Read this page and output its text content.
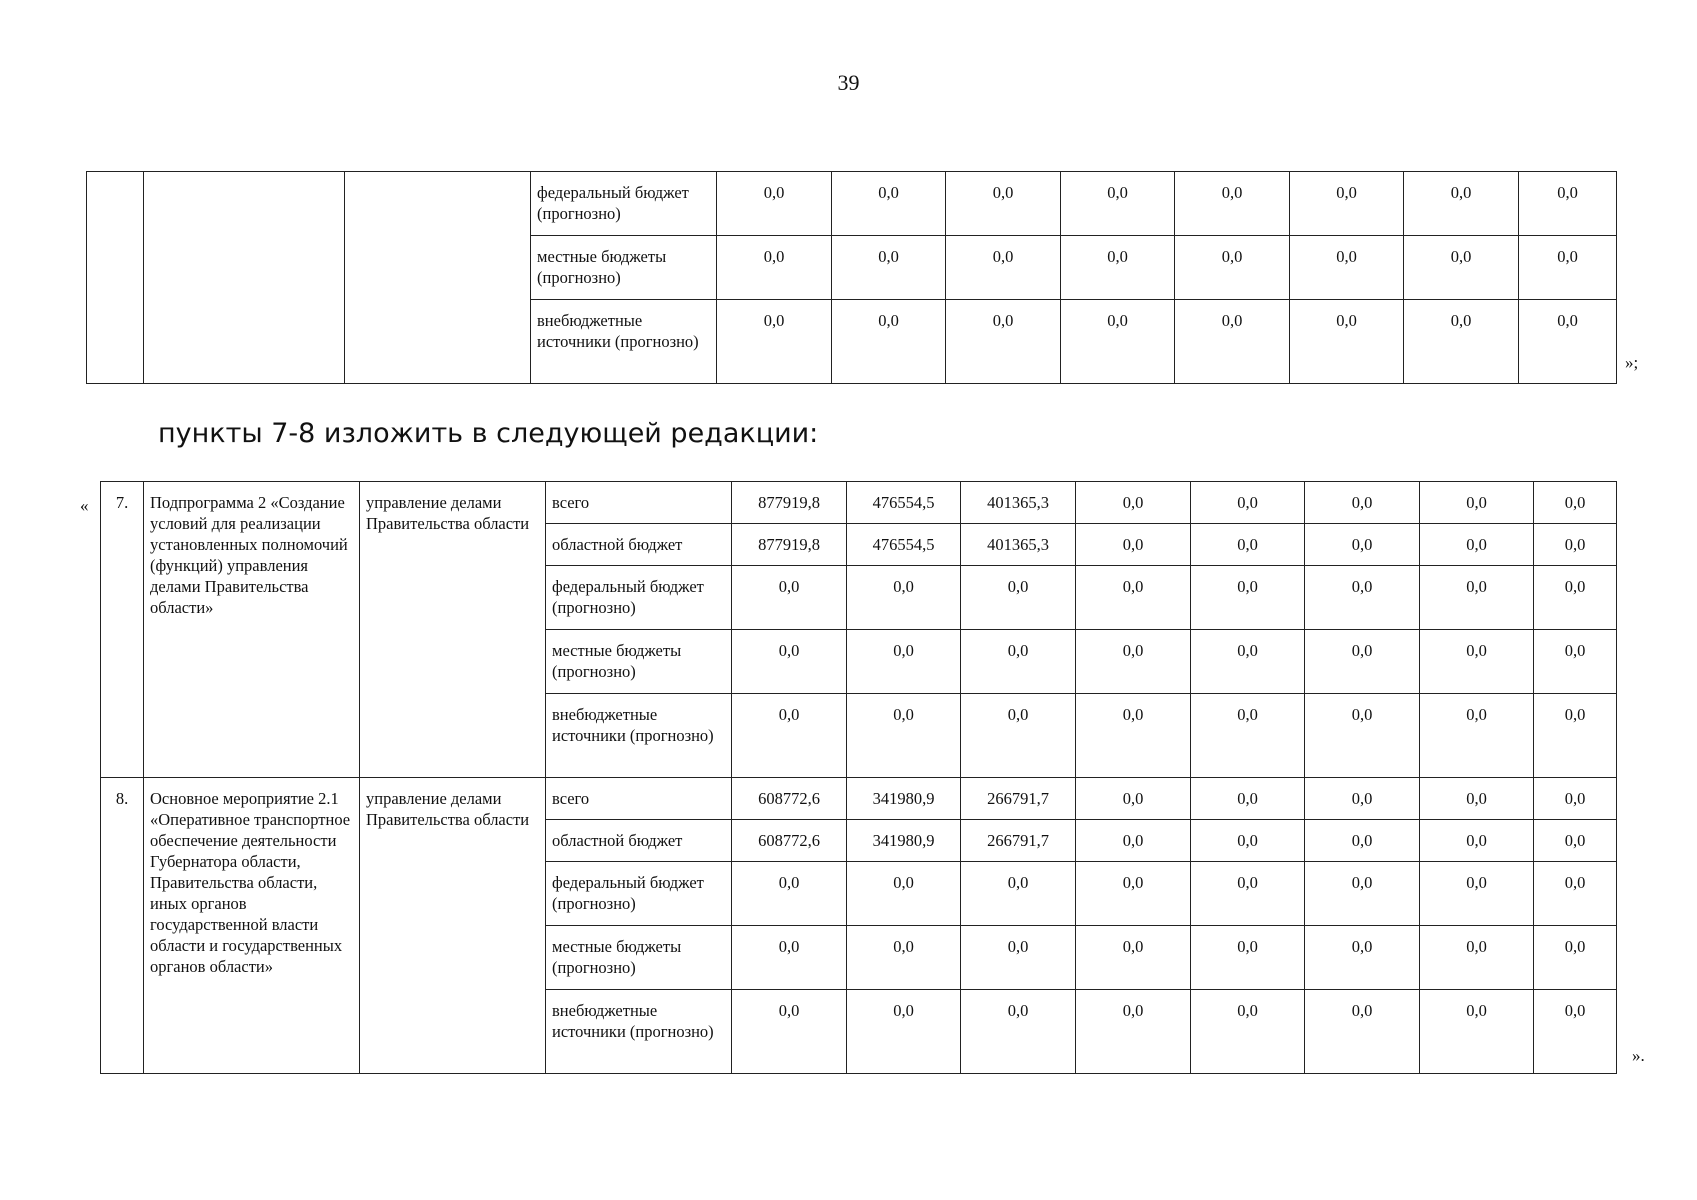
39
			федеральный бюджет (прогнозно)	0,0	0,0	0,0	0,0	0,0	0,0	0,0	0,0
			местные бюджеты (прогнозно)	0,0	0,0	0,0	0,0	0,0	0,0	0,0	0,0
			внебюджетные источники (прогнозно)	0,0	0,0	0,0	0,0	0,0	0,0	0,0	0,0
»;
пункты 7-8 изложить в следующей редакции:
« 7.	Подпрограмма 2 «Создание условий для реализации установленных полномочий (функций) управления делами Правительства области»	управление делами Правительства области	всего	877919,8	476554,5	401365,3	0,0	0,0	0,0	0,0	0,0
			областной бюджет	877919,8	476554,5	401365,3	0,0	0,0	0,0	0,0	0,0
			федеральный бюджет (прогнозно)	0,0	0,0	0,0	0,0	0,0	0,0	0,0	0,0
			местные бюджеты (прогнозно)	0,0	0,0	0,0	0,0	0,0	0,0	0,0	0,0
			внебюджетные источники (прогнозно)	0,0	0,0	0,0	0,0	0,0	0,0	0,0	0,0
8.	Основное мероприятие 2.1 «Оперативное транспортное обеспечение деятельности Губернатора области, Правительства области, иных органов государственной власти области и государственных органов области»	управление делами Правительства области	всего	608772,6	341980,9	266791,7	0,0	0,0	0,0	0,0	0,0
			областной бюджет	608772,6	341980,9	266791,7	0,0	0,0	0,0	0,0	0,0
			федеральный бюджет (прогнозно)	0,0	0,0	0,0	0,0	0,0	0,0	0,0	0,0
			местные бюджеты (прогнозно)	0,0	0,0	0,0	0,0	0,0	0,0	0,0	0,0
			внебюджетные источники (прогнозно)	0,0	0,0	0,0	0,0	0,0	0,0	0,0	0,0
».
